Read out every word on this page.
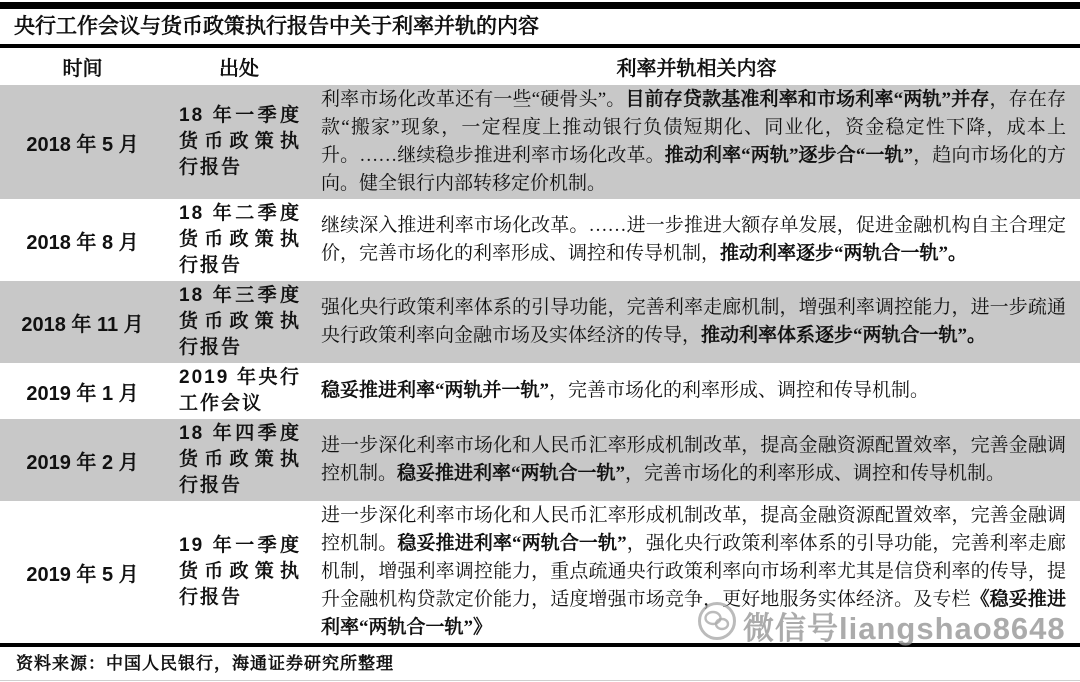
央行工作会议与货币政策执行报告中关于利率并轨的内容
时间	出处	利率并轨相关内容
2018 年 5 月
18 年一季度货币政策执行报告
利率市场化改革还有一些“硬骨头”。目前存贷款基准利率和市场利率“两轨”并存，存在存款“搬家”现象，一定程度上推动银行负债短期化、同业化，资金稳定性下降，成本上升。……继续稳步推进利率市场化改革。推动利率“两轨”逐步合“一轨”，趋向市场化的方向。健全银行内部转移定价机制。
2018 年 8 月
18 年二季度货币政策执行报告
继续深入推进利率市场化改革。……进一步推进大额存单发展，促进金融机构自主合理定价，完善市场化的利率形成、调控和传导机制，推动利率逐步“两轨合一轨”。
2018 年 11 月
18 年三季度货币政策执行报告
强化央行政策利率体系的引导功能，完善利率走廊机制，增强利率调控能力，进一步疏通央行政策利率向金融市场及实体经济的传导，推动利率体系逐步“两轨合一轨”。
2019 年 1 月
2019 年央行工作会议
稳妥推进利率“两轨并一轨”，完善市场化的利率形成、调控和传导机制。
2019 年 2 月
18 年四季度货币政策执行报告
进一步深化利率市场化和人民币汇率形成机制改革，提高金融资源配置效率，完善金融调控机制。稳妥推进利率“两轨合一轨”，完善市场化的利率形成、调控和传导机制。
2019 年 5 月
19 年一季度货币政策执行报告
进一步深化利率市场化和人民币汇率形成机制改革，提高金融资源配置效率，完善金融调控机制。稳妥推进利率“两轨合一轨”，强化央行政策利率体系的引导功能，完善利率走廊机制，增强利率调控能力，重点疏通央行政策利率向市场利率尤其是信贷利率的传导，提升金融机构贷款定价能力，适度增强市场竞争，更好地服务实体经济。及专栏《稳妥推进利率“两轨合一轨”》
资料来源：中国人民银行，海通证券研究所整理
微信号liangshao8648
